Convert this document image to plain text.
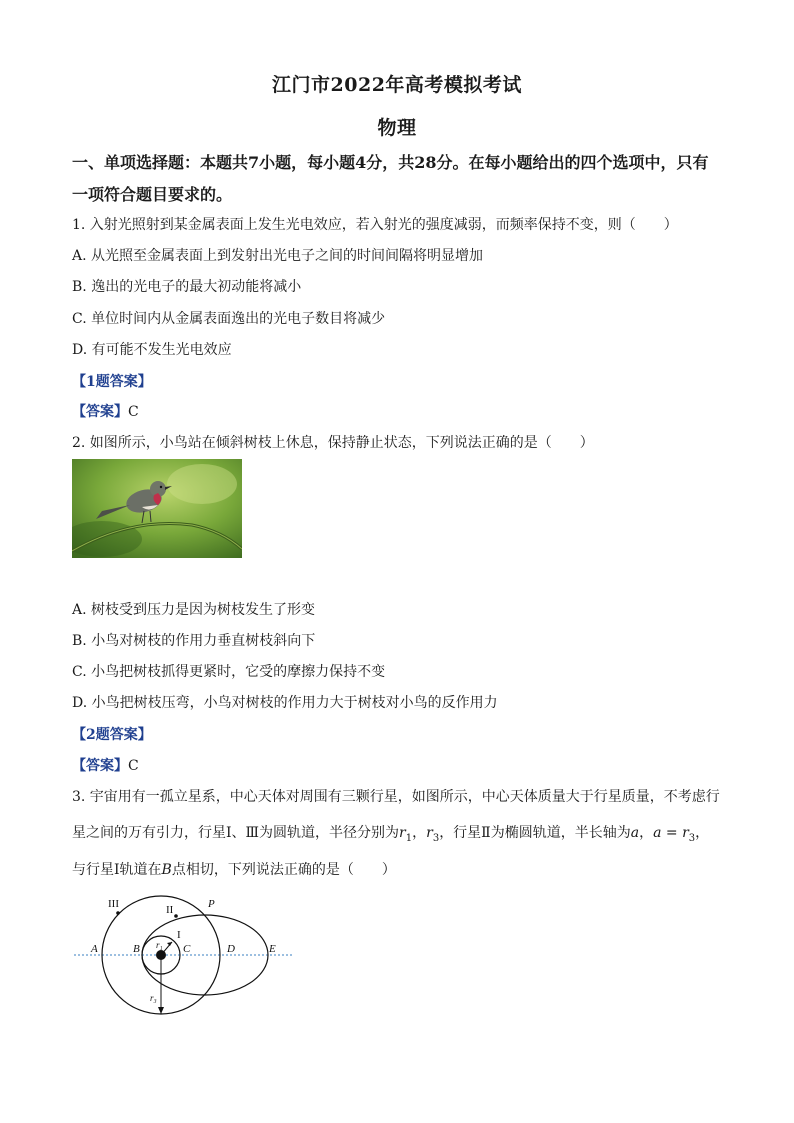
江门市2022年高考模拟考试
物理
一、单项选择题：本题共7小题，每小题4分，共28分。在每小题给出的四个选项中，只有
一项符合题目要求的。
1. 入射光照射到某金属表面上发生光电效应，若入射光的强度减弱，而频率保持不变，则（　　）
A. 从光照至金属表面上到发射出光电子之间的时间间隔将明显增加
B. 逸出的光电子的最大初动能将减小
C. 单位时间内从金属表面逸出的光电子数目将减少
D. 有可能不发生光电效应
【1题答案】
【答案】C
2. 如图所示，小鸟站在倾斜树枝上休息，保持静止状态，下列说法正确的是（　　）
A. 树枝受到压力是因为树枝发生了形变
B. 小鸟对树枝的作用力垂直树枝斜向下
C. 小鸟把树枝抓得更紧时，它受的摩擦力保持不变
D. 小鸟把树枝压弯，小鸟对树枝的作用力大于树枝对小鸟的反作用力
【2题答案】
【答案】C
3. 宇宙用有一孤立星系，中心天体对周围有三颗行星，如图所示，中心天体质量大于行星质量，不考虑行
星之间的万有引力，行星Ⅰ、Ⅲ为圆轨道，半径分别为$r_1$，$r_3$，行星Ⅱ为椭圆轨道，半长轴为a，$a = r_3$，
与行星Ⅰ轨道在B点相切，下列说法正确的是（　　）
III	II
I
P
A	B	C	D	E
r₁
r₃
